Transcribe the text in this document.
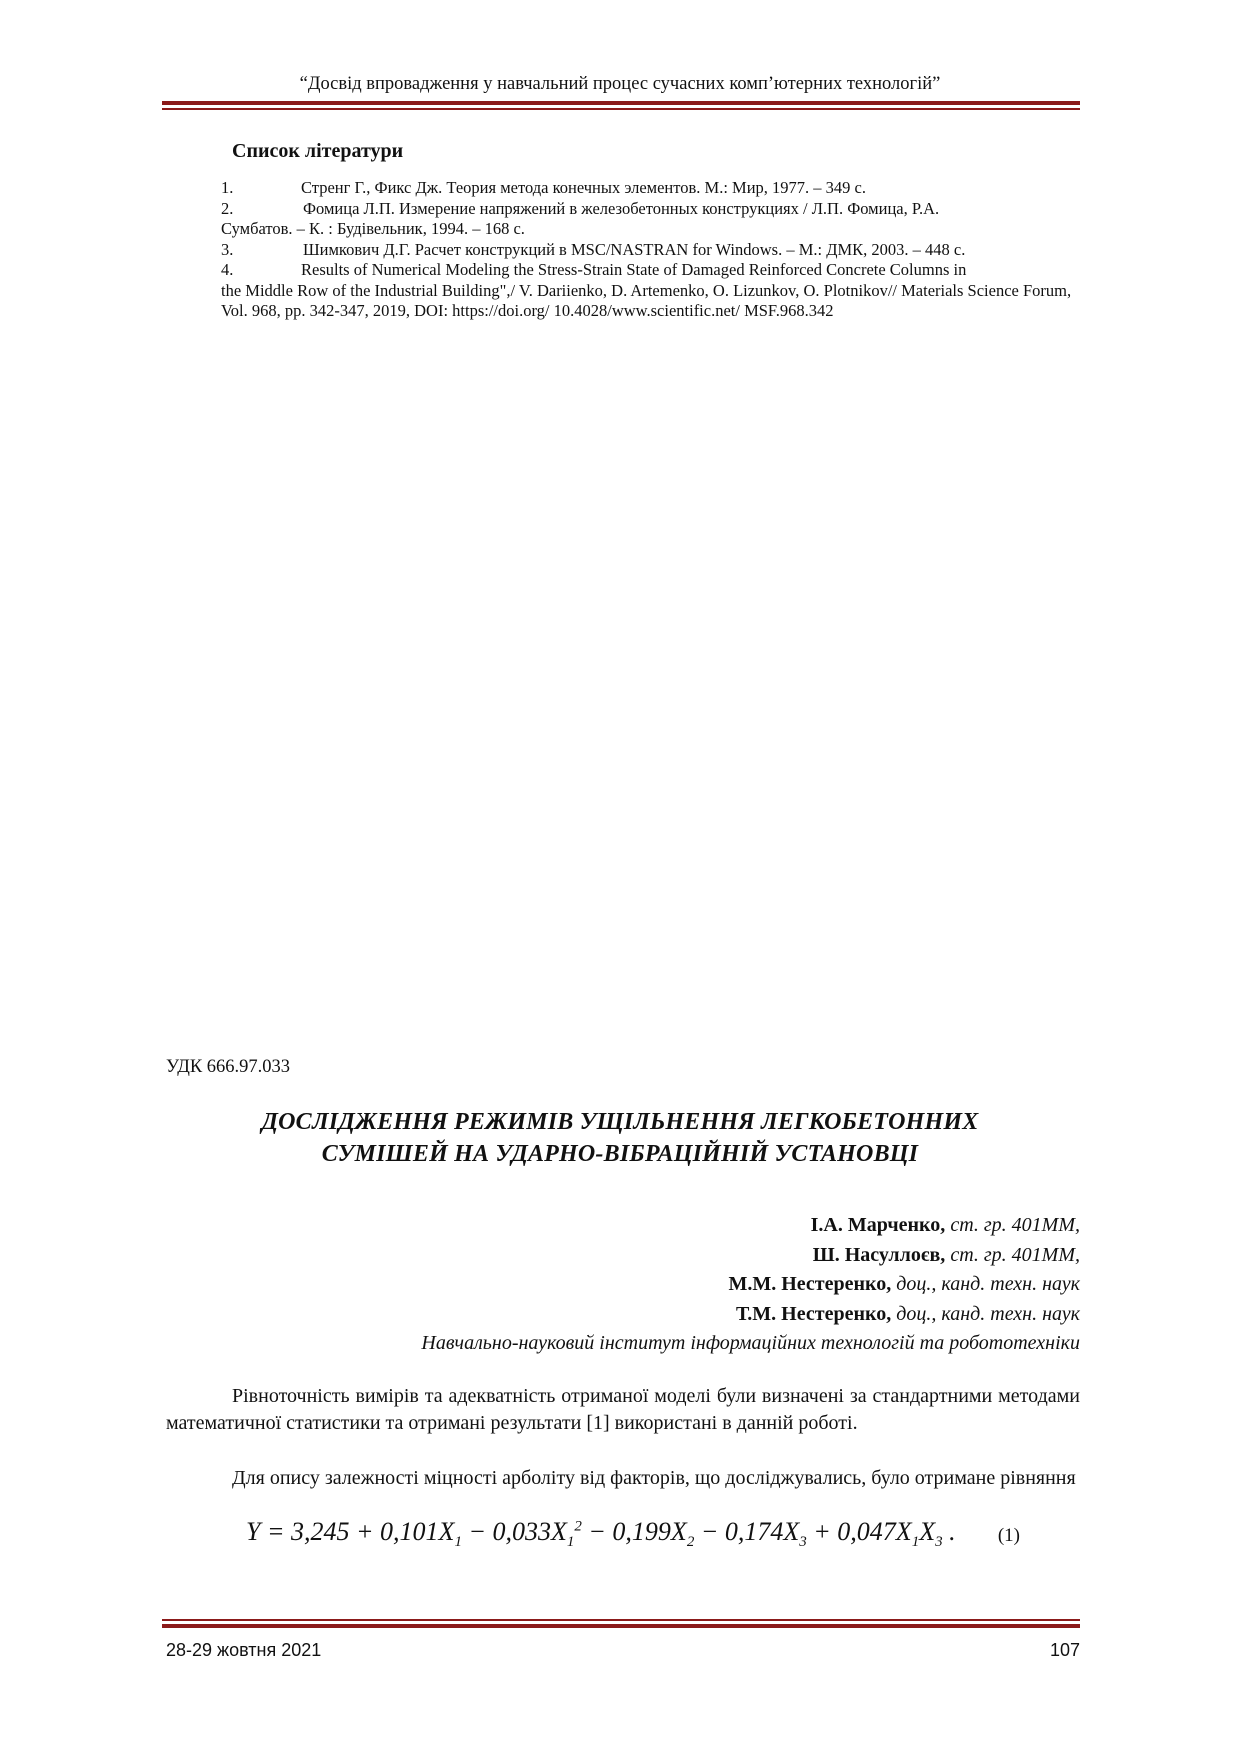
“Досвід впровадження у навчальний процес сучасних комп’ютерних технологій”
Список літератури
1.	Стренг Г., Фикс Дж. Теория метода конечных элементов. М.: Мир, 1977. – 349 с.
2.	Фомица Л.П. Измерение напряжений в железобетонных конструкциях / Л.П. Фомица, Р.А.
Сумбатов. – К. : Будівельник, 1994. – 168 с.
3.	Шимкович Д.Г. Расчет конструкций в MSC/NASTRAN for Windows. – М.: ДМК, 2003. – 448 с.
4.	Results of Numerical Modeling the Stress-Strain State of Damaged Reinforced Concrete Columns in
the Middle Row of the Industrial Building",/ V. Dariienko, D. Artemenko, O. Lizunkov, O. Plotnikov// Materials Science Forum, Vol. 968, pp. 342-347, 2019, DOI: https://doi.org/ 10.4028/www.scientific.net/ MSF.968.342
УДК 666.97.033
ДОСЛІДЖЕННЯ РЕЖИМІВ УЩІЛЬНЕННЯ ЛЕГКОБЕТОННИХ
СУМІШЕЙ НА УДАРНО-ВІБРАЦІЙНІЙ УСТАНОВЦІ
І.А. Марченко, ст. гр. 401ММ,
Ш. Насуллоєв, ст. гр. 401ММ,
М.М. Нестеренко, доц., канд. техн. наук
Т.М. Нестеренко, доц., канд. техн. наук
Навчально-науковий інститут інформаційних технологій та робототехніки
Рівноточність вимірів та адекватність отриманої моделі були визначені за стандартними методами математичної статистики та отримані результати [1] використані в данній роботі.
Для опису залежності міцності арболіту від факторів, що досліджувались, було отримане рівняння
$Y = 3,245 + 0,101X_1 - 0,033X_1^2 - 0,199X_2 - 0,174X_3 + 0,047X_1X_3$ . (1)
28-29 жовтня 2021	107
